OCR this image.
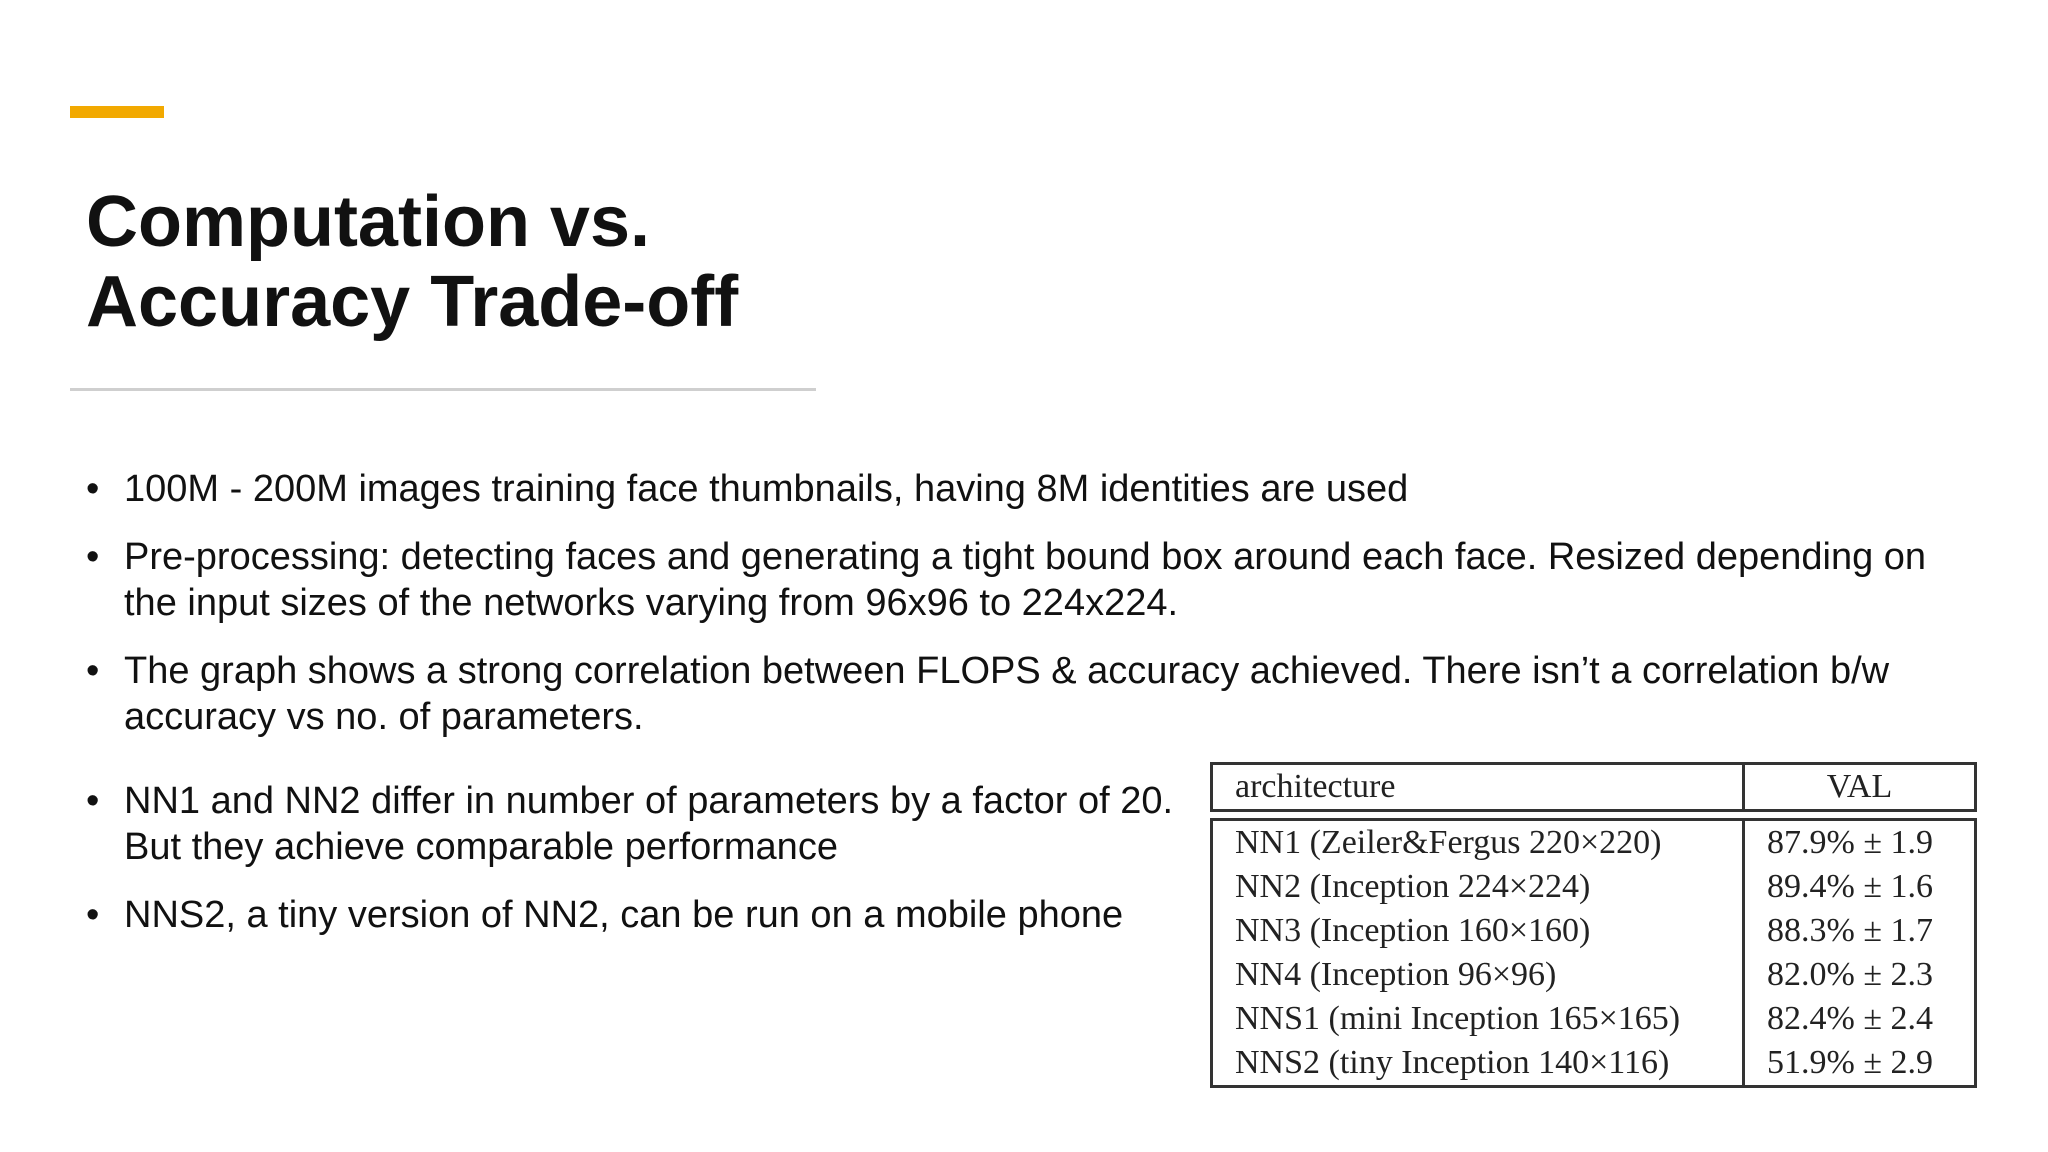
Computation vs.
Accuracy Trade-off
• 100M - 200M images training face thumbnails, having 8M identities are used
• Pre-processing: detecting faces and generating a tight bound box around each face. Resized depending on the input sizes of the networks varying from 96x96 to 224x224.
• The graph shows a strong correlation between FLOPS & accuracy achieved. There isn’t a correlation b/w accuracy vs no. of parameters.
• NN1 and NN2 differ in number of parameters by a factor of 20. But they achieve comparable performance
• NNS2, a tiny version of NN2, can be run on a mobile phone
architecture	VAL
NN1 (Zeiler&Fergus 220×220)	87.9% ± 1.9
NN2 (Inception 224×224)	89.4% ± 1.6
NN3 (Inception 160×160)	88.3% ± 1.7
NN4 (Inception 96×96)	82.0% ± 2.3
NNS1 (mini Inception 165×165)	82.4% ± 2.4
NNS2 (tiny Inception 140×116)	51.9% ± 2.9
